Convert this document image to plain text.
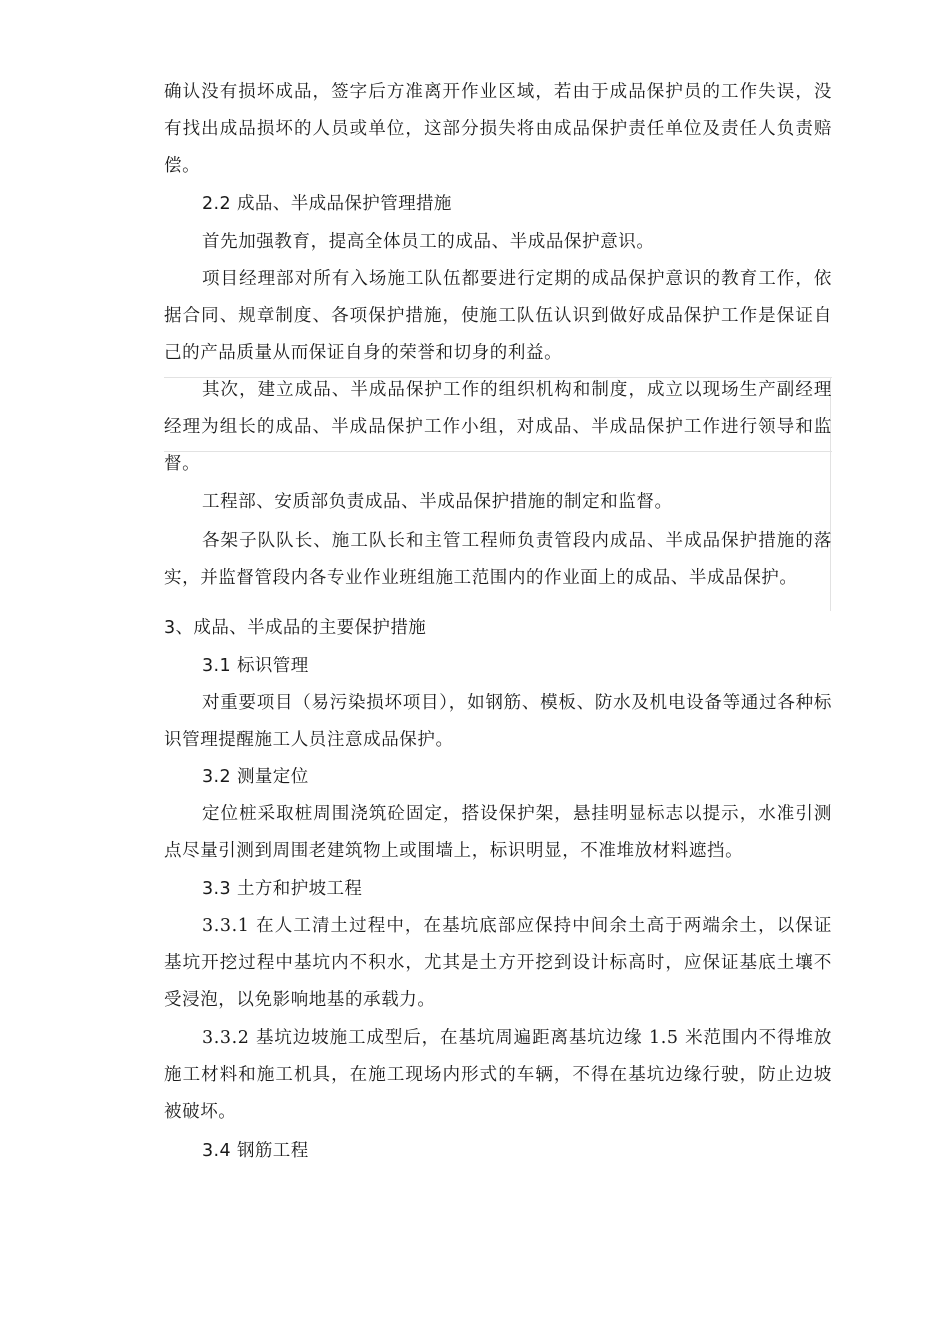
确认没有损坏成品，签字后方准离开作业区域，若由于成品保护员的工作失误，没有找出成品损坏的人员或单位，这部分损失将由成品保护责任单位及责任人负责赔偿。

2.2 成品、半成品保护管理措施

首先加强教育，提高全体员工的成品、半成品保护意识。

项目经理部对所有入场施工队伍都要进行定期的成品保护意识的教育工作，依据合同、规章制度、各项保护措施，使施工队伍认识到做好成品保护工作是保证自己的产品质量从而保证自身的荣誉和切身的利益。

其次，建立成品、半成品保护工作的组织机构和制度，成立以现场生产副经理经理为组长的成品、半成品保护工作小组，对成品、半成品保护工作进行领导和监督。

工程部、安质部负责成品、半成品保护措施的制定和监督。

各架子队队长、施工队长和主管工程师负责管段内成品、半成品保护措施的落实，并监督管段内各专业作业班组施工范围内的作业面上的成品、半成品保护。

3、成品、半成品的主要保护措施

3.1 标识管理

对重要项目（易污染损坏项目），如钢筋、模板、防水及机电设备等通过各种标识管理提醒施工人员注意成品保护。

3.2 测量定位

定位桩采取桩周围浇筑砼固定，搭设保护架，悬挂明显标志以提示，水准引测点尽量引测到周围老建筑物上或围墙上，标识明显，不准堆放材料遮挡。

3.3 土方和护坡工程

3.3.1 在人工清土过程中，在基坑底部应保持中间余土高于两端余土，以保证基坑开挖过程中基坑内不积水，尤其是土方开挖到设计标高时，应保证基底土壤不受浸泡，以免影响地基的承载力。

3.3.2 基坑边坡施工成型后，在基坑周遍距离基坑边缘 1.5 米范围内不得堆放施工材料和施工机具，在施工现场内形式的车辆，不得在基坑边缘行驶，防止边坡被破坏。

3.4 钢筋工程
